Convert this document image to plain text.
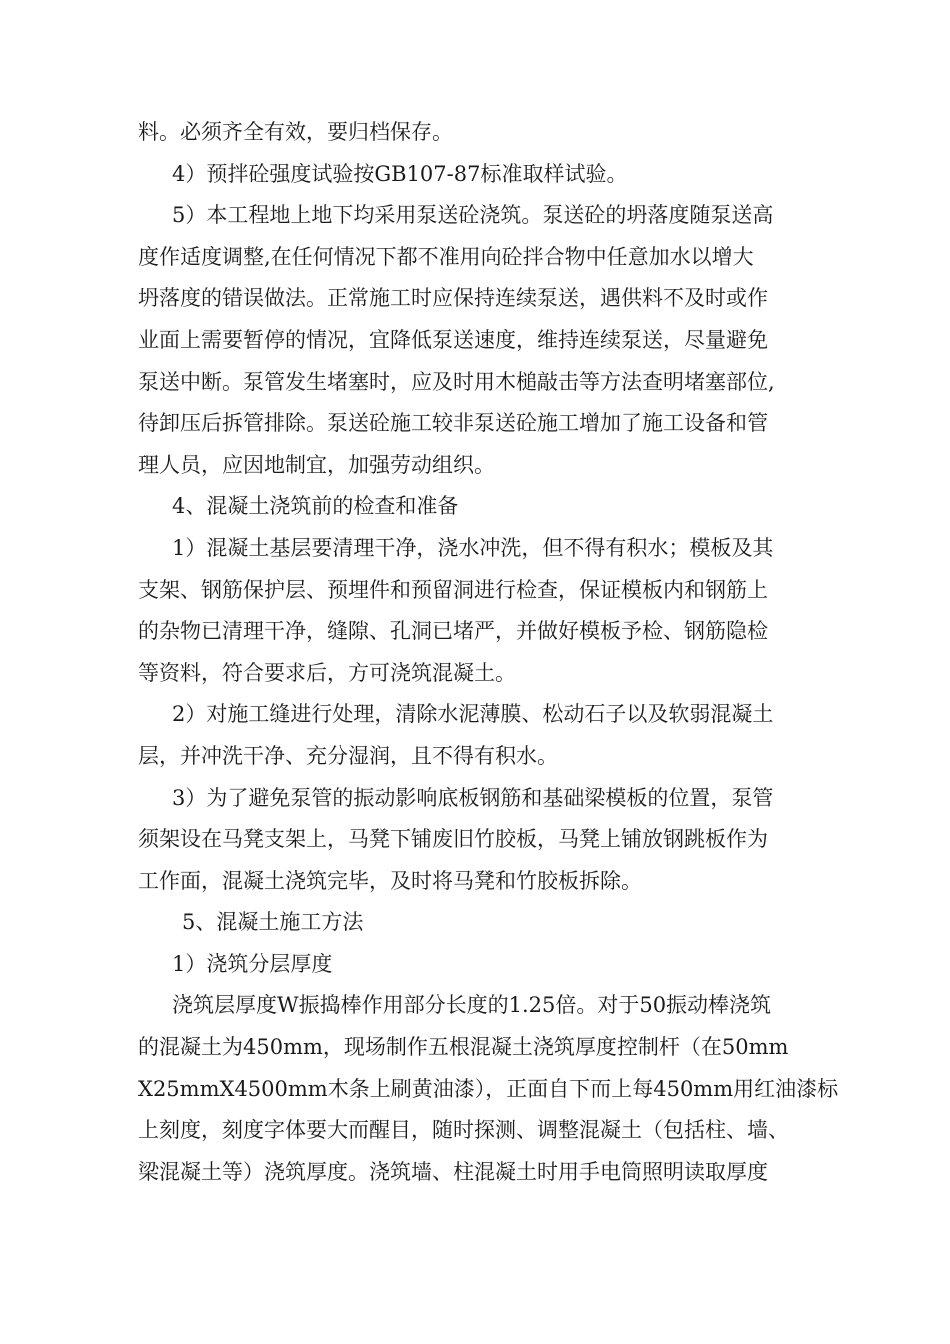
料。必须齐全有效，要归档保存。
4）预拌砼强度试验按GB107-87标准取样试验。
5）本工程地上地下均采用泵送砼浇筑。泵送砼的坍落度随泵送高
度作适度调整,在任何情况下都不准用向砼拌合物中任意加水以增大
坍落度的错误做法。正常施工时应保持连续泵送，遇供料不及时或作
业面上需要暂停的情况，宜降低泵送速度，维持连续泵送，尽量避免
泵送中断。泵管发生堵塞时，应及时用木槌敲击等方法查明堵塞部位,
待卸压后拆管排除。泵送砼施工较非泵送砼施工增加了施工设备和管
理人员，应因地制宜，加强劳动组织。
4、混凝土浇筑前的检查和准备
1）混凝土基层要清理干净，浇水冲洗，但不得有积水；模板及其
支架、钢筋保护层、预埋件和预留洞进行检查，保证模板内和钢筋上
的杂物已清理干净，缝隙、孔洞已堵严，并做好模板予检、钢筋隐检
等资料，符合要求后，方可浇筑混凝土。
2）对施工缝进行处理，清除水泥薄膜、松动石子以及软弱混凝土
层，并冲洗干净、充分湿润，且不得有积水。
3）为了避免泵管的振动影响底板钢筋和基础梁模板的位置，泵管
须架设在马凳支架上，马凳下铺废旧竹胶板，马凳上铺放钢跳板作为
工作面，混凝土浇筑完毕，及时将马凳和竹胶板拆除。
5、混凝土施工方法
1）浇筑分层厚度
浇筑层厚度W振捣棒作用部分长度的1.25倍。对于50振动棒浇筑
的混凝土为450mm，现场制作五根混凝土浇筑厚度控制杆（在50mm
X25mmX4500mm木条上刷黄油漆），正面自下而上每450mm用红油漆标
上刻度，刻度字体要大而醒目，随时探测、调整混凝土（包括柱、墙、
梁混凝土等）浇筑厚度。浇筑墙、柱混凝土时用手电筒照明读取厚度
